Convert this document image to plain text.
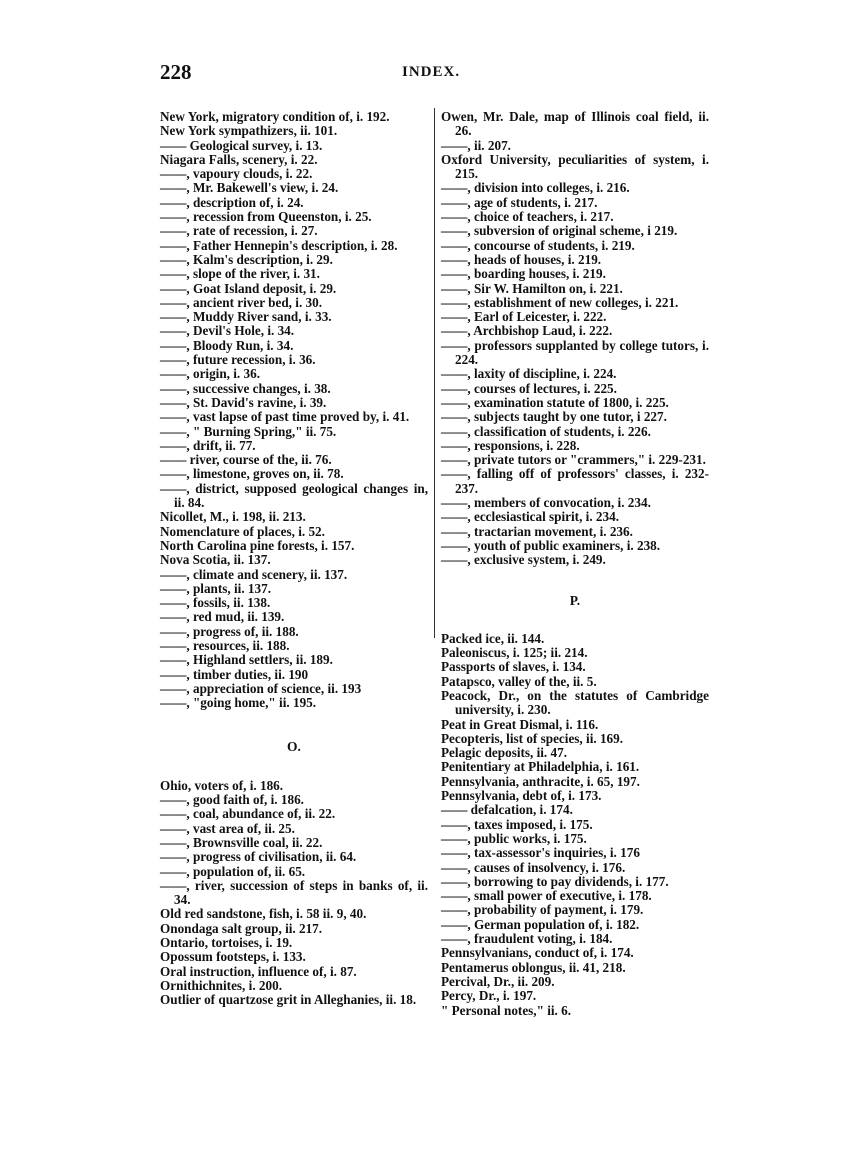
228	INDEX.

New York, migratory condition of, i. 192.

New York sympathizers, ii. 101.

—— Geological survey, i. 13.

Niagara Falls, scenery, i. 22.

——, vapoury clouds, i. 22.

——, Mr. Bakewell's view, i. 24.

——, description of, i. 24.

——, recession from Queenston, i. 25.

——, rate of recession, i. 27.

——, Father Hennepin's description, i. 28.

——, Kalm's description, i. 29.

——, slope of the river, i. 31.

——, Goat Island deposit, i. 29.

——, ancient river bed, i. 30.

——, Muddy River sand, i. 33.

——, Devil's Hole, i. 34.

——, Bloody Run, i. 34.

——, future recession, i. 36.

——, origin, i. 36.

——, successive changes, i. 38.

——, St. David's ravine, i. 39.

——, vast lapse of past time proved by, i. 41.

——, " Burning Spring," ii. 75.

——, drift, ii. 77.

—— river, course of the, ii. 76.

——, limestone, groves on, ii. 78.

——, district, supposed geological changes in, ii. 84.

Nicollet, M., i. 198, ii. 213.

Nomenclature of places, i. 52.

North Carolina pine forests, i. 157.

Nova Scotia, ii. 137.

——, climate and scenery, ii. 137.

——, plants, ii. 137.

——, fossils, ii. 138.

——, red mud, ii. 139.

——, progress of, ii. 188.

——, resources, ii. 188.

——, Highland settlers, ii. 189.

——, timber duties, ii. 190

——, appreciation of science, ii. 193

——, "going home," ii. 195.

O.

Ohio, voters of, i. 186.

——, good faith of, i. 186.

——, coal, abundance of, ii. 22.

——, vast area of, ii. 25.

——, Brownsville coal, ii. 22.

——, progress of civilisation, ii. 64.

——, population of, ii. 65.

——, river, succession of steps in banks of, ii. 34.

Old red sandstone, fish, i. 58 ii. 9, 40.

Onondaga salt group, ii. 217.

Ontario, tortoises, i. 19.

Opossum footsteps, i. 133.

Oral instruction, influence of, i. 87.

Ornithichnites, i. 200.

Outlier of quartzose grit in Alleghanies, ii. 18.

Owen, Mr. Dale, map of Illinois coal field, ii. 26.

——, ii. 207.

Oxford University, peculiarities of system, i. 215.

——, division into colleges, i. 216.

——, age of students, i. 217.

——, choice of teachers, i. 217.

——, subversion of original scheme, i 219.

——, concourse of students, i. 219.

——, heads of houses, i. 219.

——, boarding houses, i. 219.

——, Sir W. Hamilton on, i. 221.

——, establishment of new colleges, i. 221.

——, Earl of Leicester, i. 222.

——, Archbishop Laud, i. 222.

——, professors supplanted by college tutors, i. 224.

——, laxity of discipline, i. 224.

——, courses of lectures, i. 225.

——, examination statute of 1800, i. 225.

——, subjects taught by one tutor, i 227.

——, classification of students, i. 226.

——, responsions, i. 228.

——, private tutors or "crammers," i. 229-231.

——, falling off of professors' classes, i. 232-237.

——, members of convocation, i. 234.

——, ecclesiastical spirit, i. 234.

——, tractarian movement, i. 236.

——, youth of public examiners, i. 238.

——, exclusive system, i. 249.

P.

Packed ice, ii. 144.

Paleoniscus, i. 125; ii. 214.

Passports of slaves, i. 134.

Patapsco, valley of the, ii. 5.

Peacock, Dr., on the statutes of Cambridge university, i. 230.

Peat in Great Dismal, i. 116.

Pecopteris, list of species, ii. 169.

Pelagic deposits, ii. 47.

Penitentiary at Philadelphia, i. 161.

Pennsylvania, anthracite, i. 65, 197.

Pennsylvania, debt of, i. 173.

—— defalcation, i. 174.

——, taxes imposed, i. 175.

——, public works, i. 175.

——, tax-assessor's inquiries, i. 176

——, causes of insolvency, i. 176.

——, borrowing to pay dividends, i. 177.

——, small power of executive, i. 178.

——, probability of payment, i. 179.

——, German population of, i. 182.

——, fraudulent voting, i. 184.

Pennsylvanians, conduct of, i. 174.

Pentamerus oblongus, ii. 41, 218.

Percival, Dr., ii. 209.

Percy, Dr., i. 197.

" Personal notes," ii. 6.
